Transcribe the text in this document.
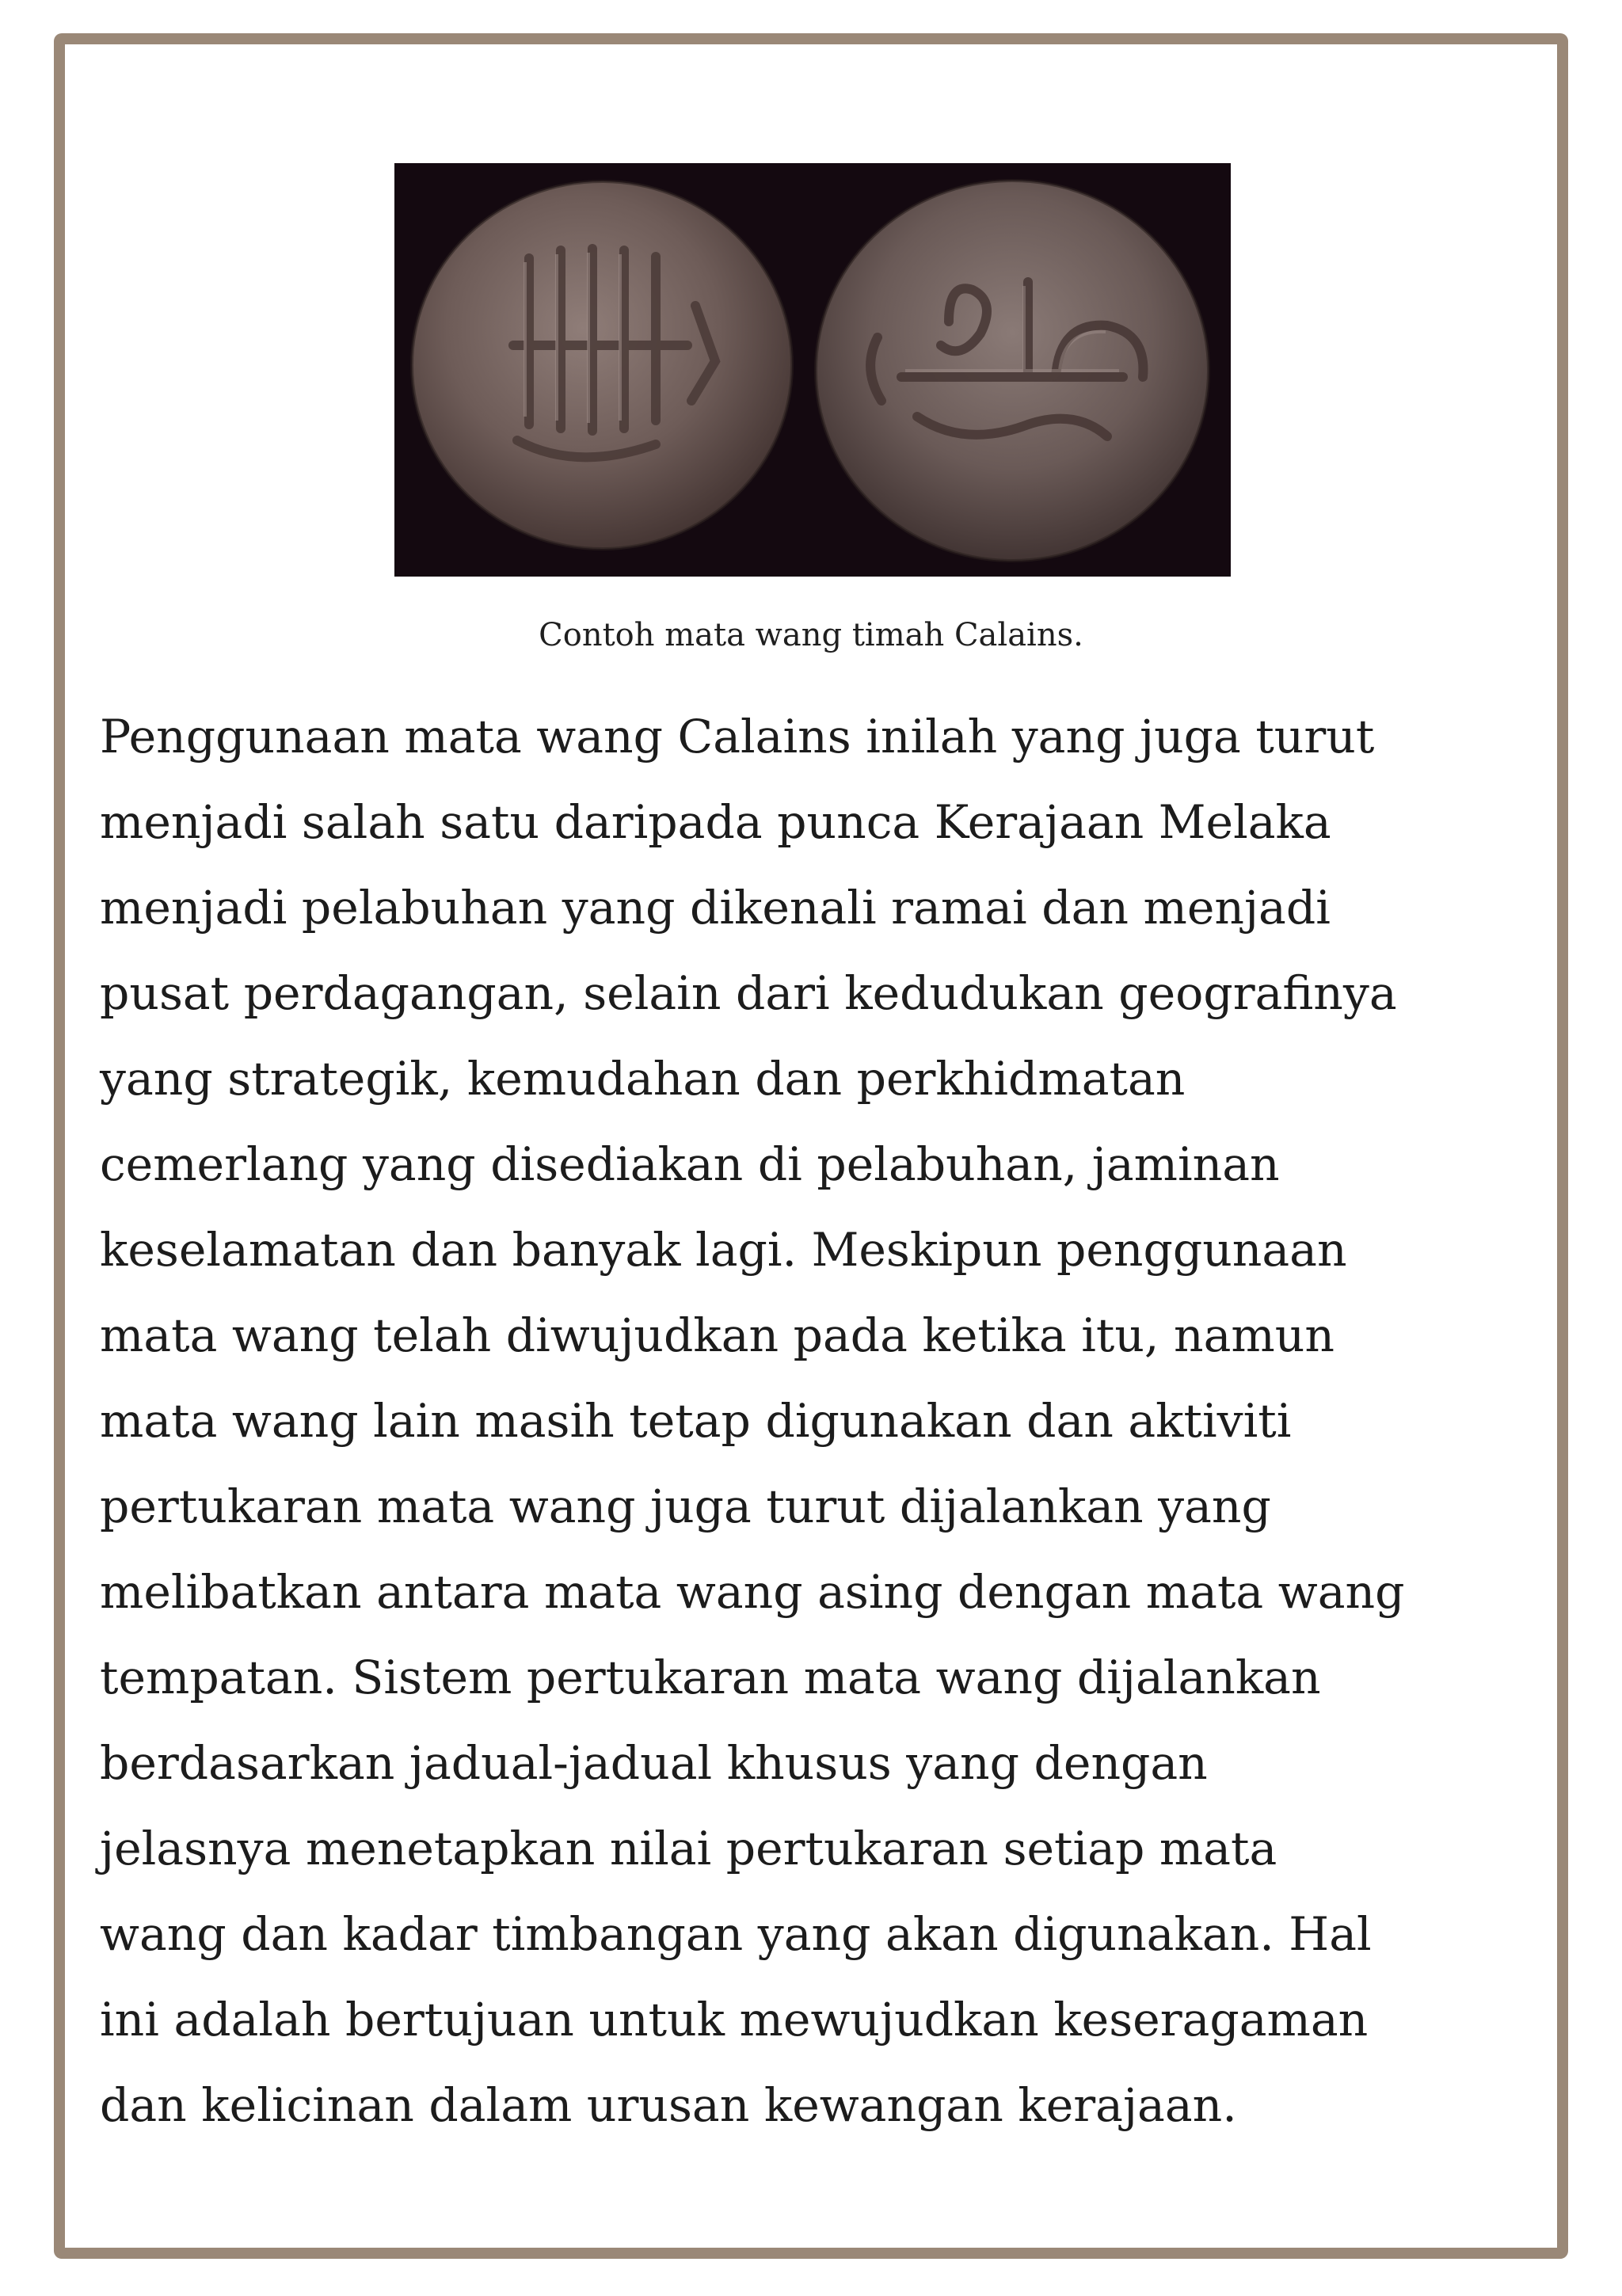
Contoh mata wang timah Calains.

Penggunaan mata wang Calains inilah yang juga turut
menjadi salah satu daripada punca Kerajaan Melaka
menjadi pelabuhan yang dikenali ramai dan menjadi
pusat perdagangan, selain dari kedudukan geografinya
yang strategik, kemudahan dan perkhidmatan
cemerlang yang disediakan di pelabuhan, jaminan
keselamatan dan banyak lagi. Meskipun penggunaan
mata wang telah diwujudkan pada ketika itu, namun
mata wang lain masih tetap digunakan dan aktiviti
pertukaran mata wang juga turut dijalankan yang
melibatkan antara mata wang asing dengan mata wang
tempatan. Sistem pertukaran mata wang dijalankan
berdasarkan jadual-jadual khusus yang dengan
jelasnya menetapkan nilai pertukaran setiap mata
wang dan kadar timbangan yang akan digunakan. Hal
ini adalah bertujuan untuk mewujudkan keseragaman
dan kelicinan dalam urusan kewangan kerajaan.
